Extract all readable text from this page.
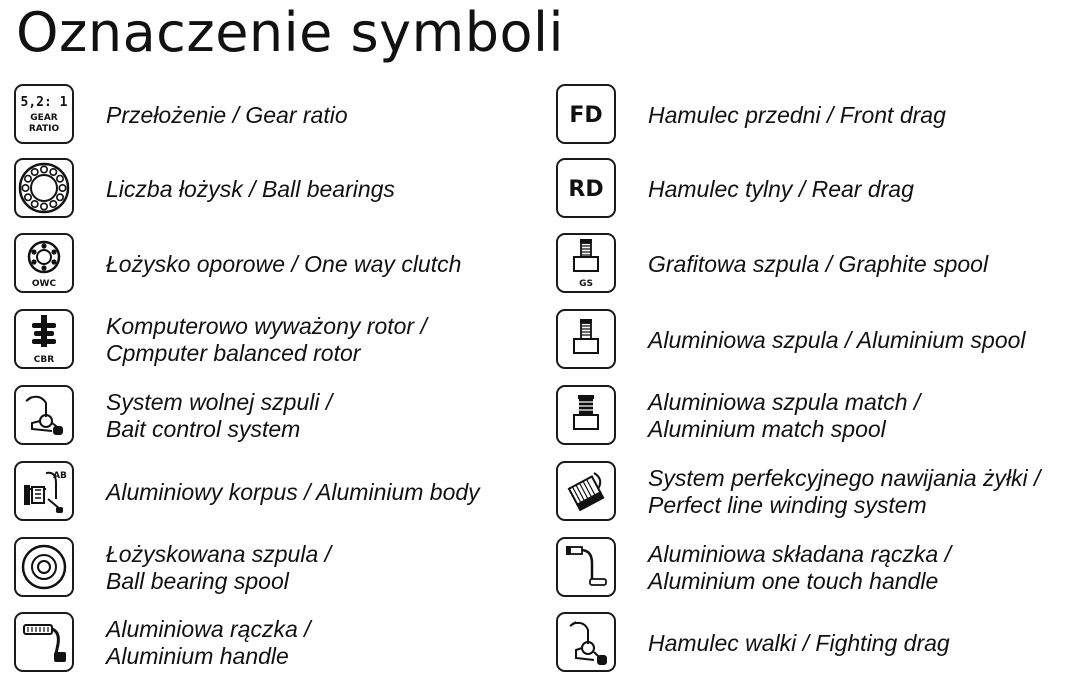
Oznaczenie symboli
5,2: 1
GEAR
RATIO
Przełożenie / Gear ratio
Liczba łożysk / Ball bearings
OWC
Łożysko oporowe / One way clutch
CBR
Komputerowo wyważony rotor /
Cpmputer balanced rotor
System wolnej szpuli /
Bait control system
AB
Aluminiowy korpus / Aluminium body
Łożyskowana szpula /
Ball bearing spool
Aluminiowa rączka /
Aluminium handle
FD Hamulec przedni / Front drag
RD Hamulec tylny / Rear drag
GS
Grafitowa szpula / Graphite spool
Aluminiowa szpula / Aluminium spool
Aluminiowa szpula match /
Aluminium match spool
System perfekcyjnego nawijania żyłki /
Perfect line winding system
Aluminiowa składana rączka /
Aluminium one touch handle
Hamulec walki / Fighting drag
